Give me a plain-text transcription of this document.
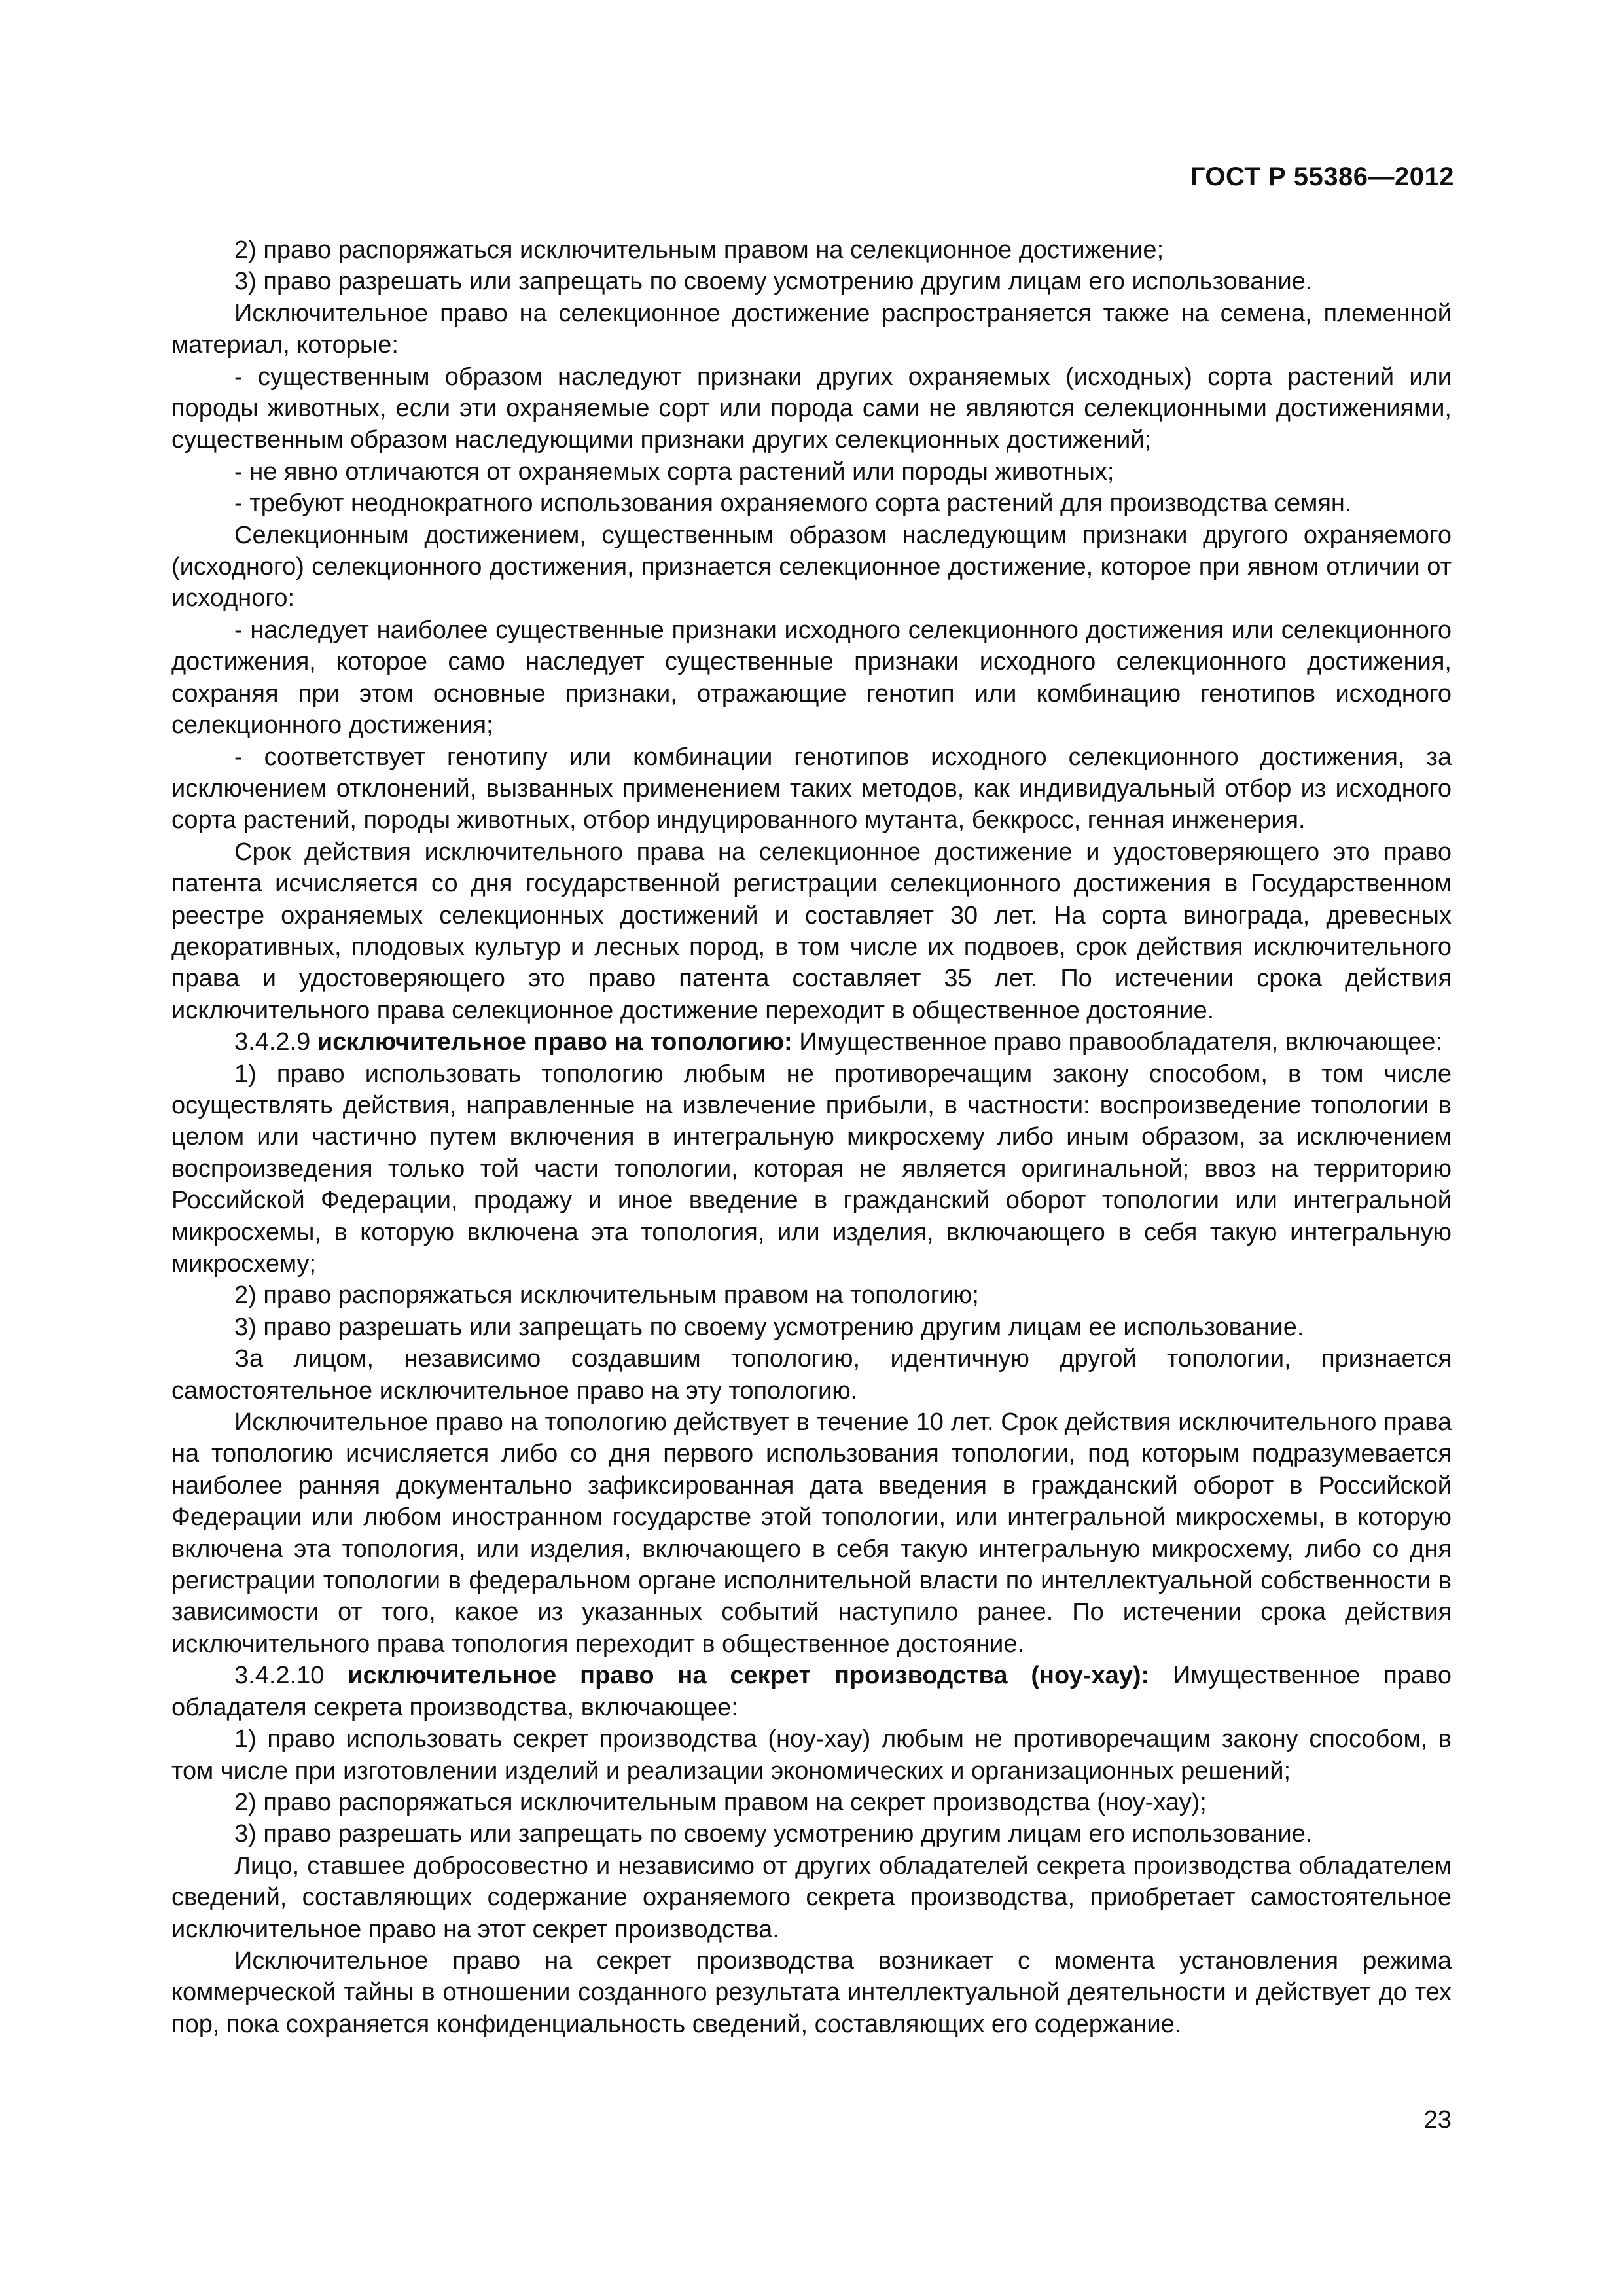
ГОСТ Р 55386—2012

2) право распоряжаться исключительным правом на селекционное достижение;

3) право разрешать или запрещать по своему усмотрению другим лицам его использование.

Исключительное право на селекционное достижение распространяется также на семена, племенной материал, которые:

- существенным образом наследуют признаки других охраняемых (исходных) сорта растений или породы животных, если эти охраняемые сорт или порода сами не являются селекционными достижениями, существенным образом наследующими признаки других селекционных достижений;

- не явно отличаются от охраняемых сорта растений или породы животных;

- требуют неоднократного использования охраняемого сорта растений для производства семян.

Селекционным достижением, существенным образом наследующим признаки другого охраняемого (исходного) селекционного достижения, признается селекционное достижение, которое при явном отличии от исходного:

- наследует наиболее существенные признаки исходного селекционного достижения или селекционного достижения, которое само наследует существенные признаки исходного селекционного достижения, сохраняя при этом основные признаки, отражающие генотип или комбинацию генотипов исходного селекционного достижения;

- соответствует генотипу или комбинации генотипов исходного селекционного достижения, за исключением отклонений, вызванных применением таких методов, как индивидуальный отбор из исходного сорта растений, породы животных, отбор индуцированного мутанта, беккросс, генная инженерия.

Срок действия исключительного права на селекционное достижение и удостоверяющего это право патента исчисляется со дня государственной регистрации селекционного достижения в Государственном реестре охраняемых селекционных достижений и составляет 30 лет. На сорта винограда, древесных декоративных, плодовых культур и лесных пород, в том числе их подвоев, срок действия исключительного права и удостоверяющего это право патента составляет 35 лет. По истечении срока действия исключительного права селекционное достижение переходит в общественное достояние.

3.4.2.9 исключительное право на топологию: Имущественное право правообладателя, включающее:

1) право использовать топологию любым не противоречащим закону способом, в том числе осуществлять действия, направленные на извлечение прибыли, в частности: воспроизведение топологии в целом или частично путем включения в интегральную микросхему либо иным образом, за исключением воспроизведения только той части топологии, которая не является оригинальной; ввоз на территорию Российской Федерации, продажу и иное введение в гражданский оборот топологии или интегральной микросхемы, в которую включена эта топология, или изделия, включающего в себя такую интегральную микросхему;

2) право распоряжаться исключительным правом на топологию;

3) право разрешать или запрещать по своему усмотрению другим лицам ее использование.

За лицом, независимо создавшим топологию, идентичную другой топологии, признается самостоятельное исключительное право на эту топологию.

Исключительное право на топологию действует в течение 10 лет. Срок действия исключительного права на топологию исчисляется либо со дня первого использования топологии, под которым подразумевается наиболее ранняя документально зафиксированная дата введения в гражданский оборот в Российской Федерации или любом иностранном государстве этой топологии, или интегральной микросхемы, в которую включена эта топология, или изделия, включающего в себя такую интегральную микросхему, либо со дня регистрации топологии в федеральном органе исполнительной власти по интеллектуальной собственности в зависимости от того, какое из указанных событий наступило ранее. По истечении срока действия исключительного права топология переходит в общественное достояние.

3.4.2.10 исключительное право на секрет производства (ноу-хау): Имущественное право обладателя секрета производства, включающее:

1) право использовать секрет производства (ноу-хау) любым не противоречащим закону способом, в том числе при изготовлении изделий и реализации экономических и организационных решений;

2) право распоряжаться исключительным правом на секрет производства (ноу-хау);

3) право разрешать или запрещать по своему усмотрению другим лицам его использование.

Лицо, ставшее добросовестно и независимо от других обладателей секрета производства обладателем сведений, составляющих содержание охраняемого секрета производства, приобретает самостоятельное исключительное право на этот секрет производства.

Исключительное право на секрет производства возникает с момента установления режима коммерческой тайны в отношении созданного результата интеллектуальной деятельности и действует до тех пор, пока сохраняется конфиденциальность сведений, составляющих его содержание.

23
